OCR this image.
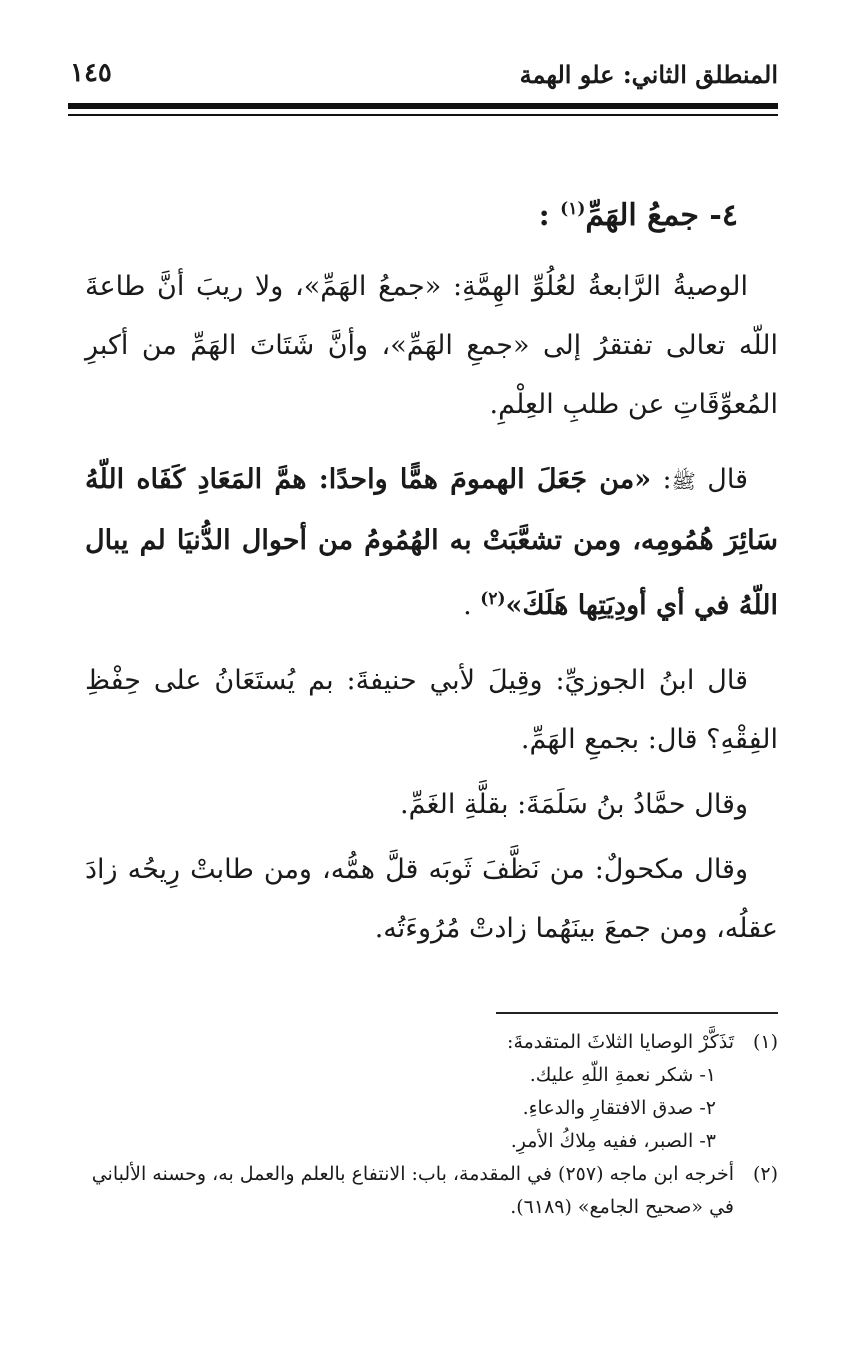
المنطلق الثاني: علو الهمة
١٤٥

٤- جمعُ الهَمِّ$^{(١)}$ :

الوصيةُ الرَّابعةُ لعُلُوِّ الهِمَّةِ: «جمعُ الهَمِّ»، ولا ريبَ أنَّ طاعةَ اللّه تعالى تفتقرُ إلى «جمعِ الهَمِّ»، وأنَّ شَتَاتَ الهَمِّ من أكبرِ المُعوِّقَاتِ عن طلبِ العِلْمِ.

قال ﷺ: «من جَعَلَ الهمومَ همًّا واحدًا: همَّ المَعَادِ كَفَاه اللّهُ سَائِرَ هُمُومِه، ومن تشعَّبَتْ به الهُمُومُ من أحوال الدُّنيَا لم يبال اللّهُ في أي أودِيَتِها هَلَكَ»$^{(٢)}$ .

قال ابنُ الجوزيِّ: وقِيلَ لأبي حنيفةَ: بم يُستَعَانُ على حِفْظِ الفِقْهِ؟ قال: بجمعِ الهَمِّ.

وقال حمَّادُ بنُ سَلَمَةَ: بقلَّةِ الغَمِّ.

وقال مكحولٌ: من نَظَّفَ ثَوبَه قلَّ همُّه، ومن طابتْ رِيحُه زادَ عقلُه، ومن جمعَ بينَهُما زادتْ مُرُوءَتُه.

(١)تَذَكَّرْ الوصايا الثلاثَ المتقدمةَ:

١- شكر نعمةِ اللّهِ عليك.

٢- صدق الافتقارِ والدعاءِ.

٣- الصبر، ففيه مِلاكُ الأمرِ.

(٢)أخرجه ابن ماجه (٢٥٧) في المقدمة، باب: الانتفاع بالعلم والعمل به، وحسنه الألباني

في «صحيح الجامع» (٦١٨٩).
